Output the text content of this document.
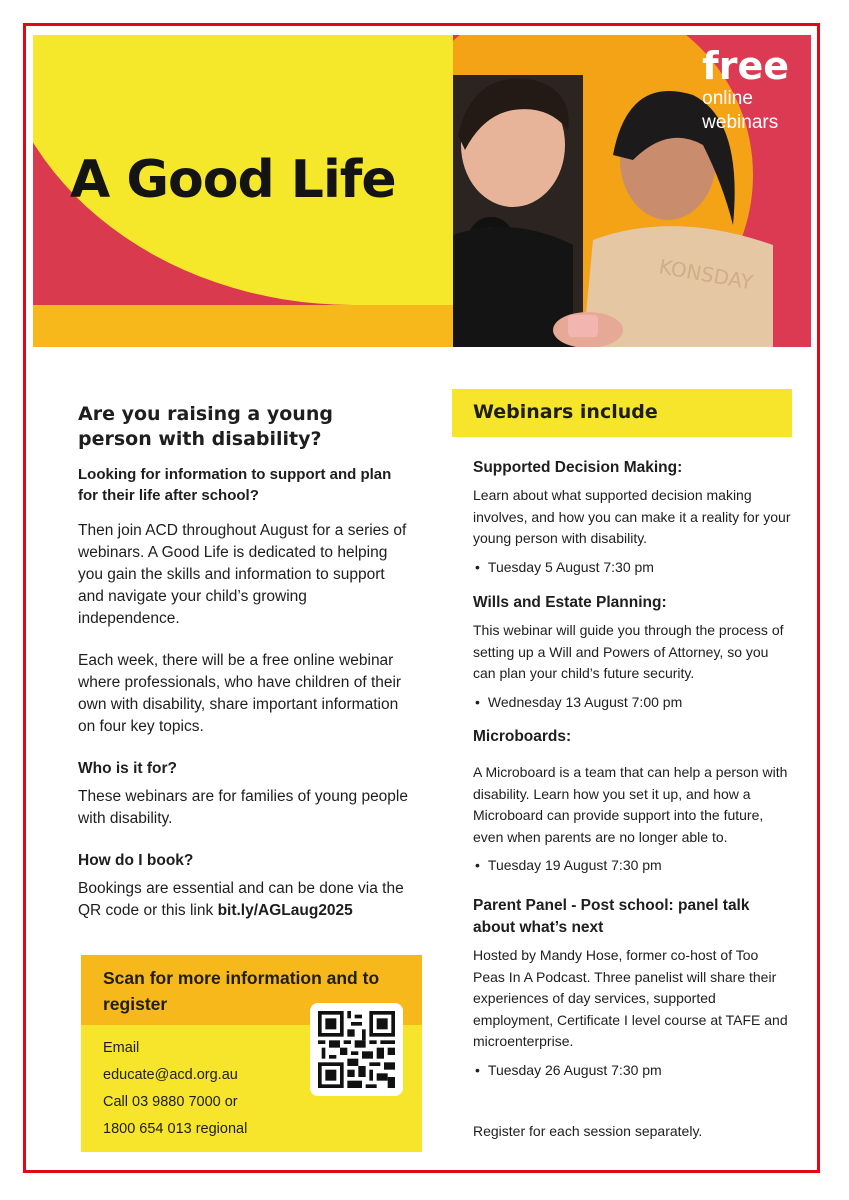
A Good Life
KONSDAY
free
online
webinars
Are you raising a young person with disability?
Looking for information to support and plan for their life after school?
Then join ACD throughout August for a series of webinars. A Good Life is dedicated to helping you gain the skills and information to support and navigate your child’s growing independence.
Each week, there will be a free online webinar where professionals, who have children of their own with disability, share important information on four key topics.
Who is it for?
These webinars are for families of young people with disability.
How do I book?
Bookings are essential and can be done via the QR code or this link bit.ly/AGLaug2025
Scan for more information and to register
Email
educate@acd.org.au
Call 03 9880 7000 or
1800 654 013 regional
Webinars include
Supported Decision Making:
Learn about what supported decision making involves, and how you can make it a reality for your young person with disability.
• Tuesday 5 August 7:30 pm
Wills and Estate Planning:
This webinar will guide you through the process of setting up a Will and Powers of Attorney, so you can plan your child’s future security.
• Wednesday 13 August 7:00 pm
Microboards:
A Microboard is a team that can help a person with disability. Learn how you set it up, and how a Microboard can provide support into the future, even when parents are no longer able to.
• Tuesday 19 August 7:30 pm
Parent Panel - Post school: panel talk about what’s next
Hosted by Mandy Hose, former co-host of Too Peas In A Podcast. Three panelist will share their experiences of day services, supported employment, Certificate I level course at TAFE and microenterprise.
• Tuesday 26 August 7:30 pm
Register for each session separately.
